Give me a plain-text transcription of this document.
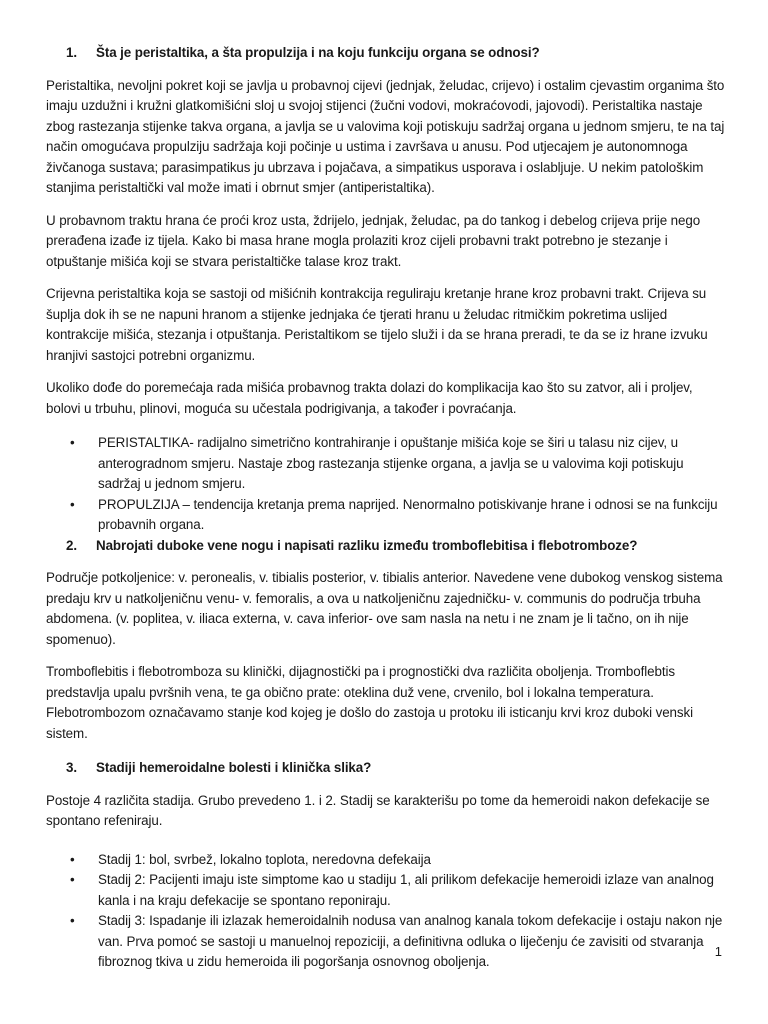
1.	Šta je peristaltika, a šta propulzija i na koju funkciju organa se odnosi?

Peristaltika, nevoljni pokret koji se javlja u probavnoj cijevi (jednjak, želudac, crijevo) i ostalim cjevastim organima što imaju uzdužni i kružni glatkomišićni sloj u svojoj stijenci (žučni vodovi, mokraćovodi, jajovodi). Peristaltika nastaje zbog rastezanja stijenke takva organa, a javlja se u valovima koji potiskuju sadržaj organa u jednom smjeru, te na taj način omogućava propulziju sadržaja koji počinje u ustima i završava u anusu. Pod utjecajem je autonomnoga živčanoga sustava; parasimpatikus ju ubrzava i pojačava, a simpatikus usporava i oslabljuje. U nekim patološkim stanjima peristaltički val može imati i obrnut smjer (antiperistaltika).

U probavnom traktu hrana će proći kroz usta, ždrijelo, jednjak, želudac, pa do tankog i debelog crijeva prije nego prerađena izađe iz tijela. Kako bi masa hrane mogla prolaziti kroz cijeli probavni trakt potrebno je stezanje i otpuštanje mišića koji se stvara peristaltičke talase kroz trakt.

Crijevna peristaltika koja se sastoji od mišićnih kontrakcija reguliraju kretanje hrane kroz probavni trakt. Crijeva su šuplja dok ih se ne napuni hranom a stijenke jednjaka će tjerati hranu u želudac ritmičkim pokretima uslijed kontrakcije mišića, stezanja i otpuštanja. Peristaltikom se tijelo služi i da se hrana preradi, te da se iz hrane izvuku hranjivi sastojci potrebni organizmu.

Ukoliko dođe do poremećaja rada mišića probavnog trakta dolazi do komplikacija kao što su zatvor, ali i proljev, bolovi u trbuhu, plinovi, moguća su učestala podrigivanja, a također i povraćanja.

• PERISTALTIKA- radijalno simetrično kontrahiranje i opuštanje mišića koje se širi u talasu niz cijev, u anterogradnom smjeru. Nastaje zbog rastezanja stijenke organa, a javlja se u valovima koji potiskuju sadržaj u jednom smjeru.
• PROPULZIJA – tendencija kretanja prema naprijed. Nenormalno potiskivanje hrane i odnosi se na funkciju probavnih organa.
2.	Nabrojati duboke vene nogu i napisati razliku između tromboflebitisa i flebotromboze?

Područje potkoljenice: v. peronealis, v. tibialis posterior, v. tibialis anterior. Navedene vene dubokog venskog sistema predaju krv u natkoljeničnu venu- v. femoralis, a ova u natkoljeničnu zajedničku- v. communis do područja trbuha abdomena. (v. poplitea, v. iliaca externa, v. cava inferior- ove sam nasla na netu i ne znam je li tačno, on ih nije spomenuo).

Tromboflebitis i flebotromboza su klinički, dijagnostički pa i prognostički dva različita oboljenja. Tromboflebtis predstavlja upalu pvršnih vena, te ga obično prate: oteklina duž vene, crvenilo, bol i lokalna temperatura. Flebotrombozom označavamo stanje kod kojeg je došlo do zastoja u protoku ili isticanju krvi kroz duboki venski sistem.

3.	Stadiji hemeroidalne bolesti i klinička slika?

Postoje 4 različita stadija. Grubo prevedeno 1. i 2. Stadij se karakterišu po tome da hemeroidi nakon defekacije se spontano refeniraju.

• Stadij 1: bol, svrbež, lokalno toplota, neredovna defekaija
• Stadij 2: Pacijenti imaju iste simptome kao u stadiju 1, ali prilikom defekacije hemeroidi izlaze van analnog kanla i na kraju defekacije se spontano reponiraju.
• Stadij 3: Ispadanje ili izlazak hemeroidalnih nodusa van analnog kanala tokom defekacije i ostaju nakon nje van. Prva pomoć se sastoji u manuelnoj repoziciji, a definitivna odluka o liječenju će zavisiti od stvaranja fibroznog tkiva u zidu hemeroida ili pogoršanja osnovnog oboljenja.
1
